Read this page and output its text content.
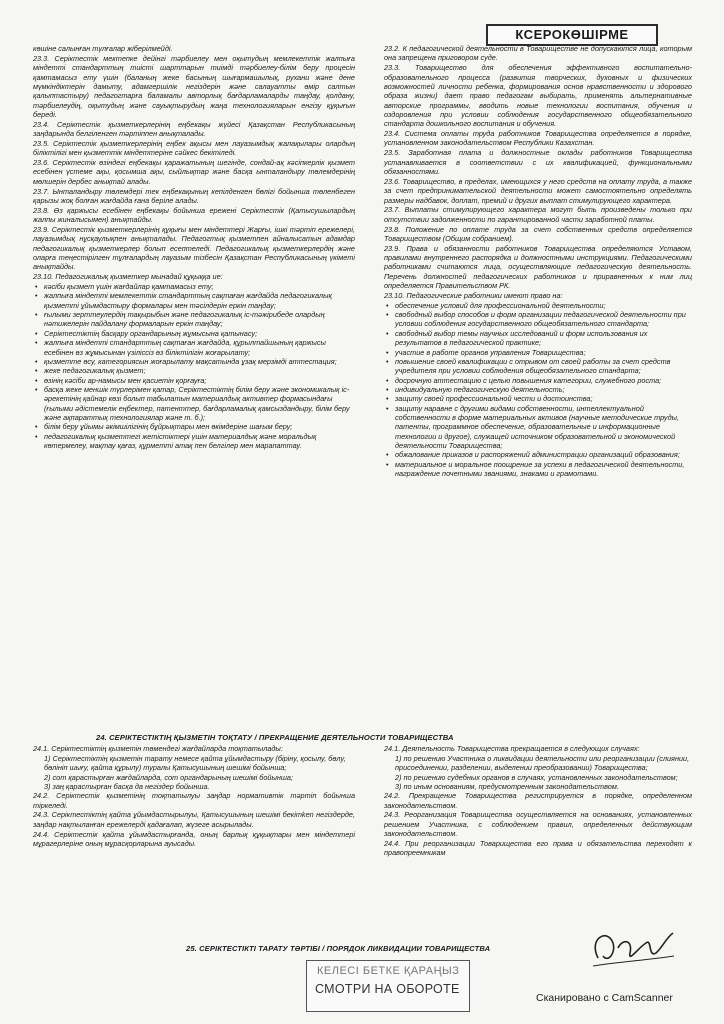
КСЕРОКӨШІРМЕ

көшіне салынған түлғалар жіберілмейді.

23.3. Серіктестік мектепке дейінгі тәрбиелеу мен оқытудың мемлекеттік жалпыға міндетті стандарттың тиісті шарттарын тиімді тәрбиелеу-білім беру процесін қамтамасыз ету үшін (баланың жеке басының шығармашылық, рухани және дене мүмкіндіктерін дамыту, адамгершілік негіздерін және салауатты өмір салтын қалыптастыру) педагогтарға баламалы авторлық бағдарламаларды таңдау, қолдану, тәрбиелеудің, оқытудың және сауықтырудың жаңа технологияларын енгізу құқығын береді.

23.4. Серіктестік қызметкерлерінің еңбекақы жүйесі Қазақстан Республикасының заңдарында белгіленген тәртіппен анықталады.

23.5. Серіктестік қызметкерлерінің еңбек ақысы мен лауазымдық жалақылары олардың біліктілігі мен қызметтік міндеттеріне сәйкес бекітіледі.

23.6. Серіктестік өзіндегі еңбекақы қаражатының шегінде, сондай-ақ кәсіпкерлік қызмет есебінен үстеме ақы, қосымша ақы, сыйлықтар және басқа ынталандыру төлемдерінің мөлшерін дербес анықтай алады.

23.7. Ынталандыру төлемдері тек еңбекақының кепілденген бөлігі бойынша төленбеген қарызы жоқ болған жағдайда ғана беріле алады.

23.8. Өз қаржысы есебінен еңбекақы бойынша ережені Серіктестік (Қатысушылардың жалпы жиналысымен) анықтайды.

23.9. Серіктестік қызметкерлерінің құқығы мен міндеттері Жарғы, ішкі тәртіп ережелері, лауазымдық нұсқаулықпен анықталады. Педагогтық қызметпен айналысатын адамдар педагогикалық қызметкерлер болып есептеледі. Педагогикалық қызметкерлердің және оларға теңестірілген тұлғалардың лауазым тізбесін Қазақстан Республикасының үкіметі анықтайды.

23.10. Педагогикалық қызметкер мынадай құқыққа ие:

• кәсіби қызмет үшін жағдайлар қамтамасыз ету;
• жалпыға міндетті мемлекеттік стандарттың сақтаған жағдайда педагогикалық қызметті ұйымдастыру формалары мен тәсілдерін еркін таңдау;
• ғылыми зерттеулердің тақырыбын және педагогикалық іс-тәжірибеде олардың нәтижелерін пайдалану формаларын еркін таңдау;
• Серіктестіктің басқару органдарының жұмысына қатынасу;
• жалпыға міндетті стандарттың сақтаған жағдайда, құрылтайшының қаржысы есебінен өз жұмысынан үзіліссіз өз біліктілігін жоғарылату;
• қызметте өсу, категориясын жоғарылату мақсатында ұзақ мерзімді аттестация;
• жеке педагогикалық қызмет;
• өзінің кәсіби ар-намысы мен қасиетін қорғауға;
• басқа жеке меншік түрлерімен қатар, Серіктестіктің білім беру және экономикалық іс-әрекетінің қайнар көзі болып табылатын материалдық активтер формасындағы (ғылыми әдістемелік еңбектер, патенттер, бағдарламалық қамсыздандыру, білім беру және ақпараттық технологиялар және т. б.);
• білім беру ұйымы әкімшілігінің бұйрықтары мен өкімдеріне шағым беру;
• педагогикалық қызметтегі жетістіктері үшін материалдық және моральдық көтермелеу, мақтау қағаз, құрметті атақ пен белгілер мен марапаттау.

23.2. К педагогической деятельности в Товариществе не допускаются лица, которым она запрещена приговором суде.

23.3. Товарищество для обеспечения эффективного воспитательно-образовательного процесса (развития творческих, духовных и физических возможностей личности ребенка, формирования основ нравственности и здорового образа жизни) дает право педагогам выбирать, применять альтернативные авторские программы, вводить новые технологии воспитания, обучения и оздоровления при условии соблюдения государственного общеобязательного стандарта дошкольного воспитания и обучения.

23.4. Система оплаты труда работников Товарищества определяется в порядке, установленном законодательством Республики Казахстан.

23.5. Заработная плата и должностные оклады работников Товарищества устанавливается в соответствии с их квалификацией, функциональными обязанностями.

23.6. Товарищество, в пределах, имеющихся у него средств на оплату труда, а также за счет предпринимательской деятельности может самостоятельно определять размеры надбавок, доплат, премий и других выплат стимулирующего характера.

23.7. Выплаты стимулирующего характера могут быть произведены только при отсутствии задолженности по гарантированной части заработной платы.

23.8. Положение по оплате труда за счет собственных средств определяется Товариществом (Общим собранием).

23.9. Права и обязанности работников Товарищества определяются Уставом, правилами внутреннего распорядка и должностными инструкциями. Педагогическими работниками считаются лица, осуществляющие педагогическую деятельность. Перечень должностей педагогических работников и приравненных к ним лиц определяется Правительством РК.

23.10. Педагогические работники имеют право на:

• обеспечение условий для профессиональной деятельности;
• свободный выбор способов и форм организации педагогической деятельности при условии соблюдения государственного общеобязательного стандарта;
• свободный выбор темы научных исследований и форм использования их результатов в педагогической практике;
• участие в работе органов управления Товарищества;
• повышение своей квалификации с отрывом от своей работы за счет средств учредителя при условии соблюдения общеобязательного стандарта;
• досрочную аттестацию с целью повышения категории, служебного роста;
• индивидуальную педагогическую деятельность;
• защиту своей профессиональной чести и достоинства;
• защиту наравне с другими видами собственности, интеллектуальной собственности в форме материальных активов (научные методические труды, патенты, программное обеспечение, образовательные и информационные технологии и другое), служащей источником образовательной и экономической деятельности Товарищества;
• обжалование приказов и распоряжений администрации организаций образования;
• материальное и моральное поощрение за успехи в педагогической деятельности, награждение почетными званиями, знаками и грамотами.
24. СЕРІКТЕСТІКТІҢ ҚЫЗМЕТІН ТОҚТАТУ / ПРЕКРАЩЕНИЕ ДЕЯТЕЛЬНОСТИ ТОВАРИЩЕСТВА

24.1. Серіктестіктің қызметін төмендегі жағдайларда тоқтатылады:

1) Серіктестіктің қызметін тарату немесе қайта ұйымдастыру (біріну, қосылу, бөлу, бөлініп шығу, қайта құрылу) туралы Қатысушының шешімі бойынша;
2) сот қарастырған жағдайларда, сот органдарының шешімі бойынша;
3) заң қарастырған басқа да негіздер бойынша.

24.2. Серіктестік қызметінің тоқтатылуы заңдар нормативтік тәртіп бойынша тіркеледі.

24.3. Серіктестіктің қайта ұйымдастырылуы, Қатысушының шешімі бекітken негіздерде, заңдар нақтыланған ережелерді қадағалап, жүзеге асырылады.

24.4. Серіктестік қайта ұйымдастырғанда, оның барлық құқықтары мен міндеттері мұрагерлеріне оның мұрасқорларына ауысады.

24.1. Деятельность Товарищества прекращается в следующих случаях:

1) по решению Участника о ликвидации деятельности или реорганизации (слиянии, присоединении, разделении, выделении преобразовании) Товарищества;
2) по решению судебных органов в случаях, установленных законодательством;
3) по иным основаниям, предусмотренным законодательством.

24.2. Прекращение Товарищества регистрируется в порядке, определенном законодательством.

24.3. Реорганизация Товарищества осуществляется на основаниях, установленных решением Участника, с соблюдением правил, определенных действующим законодательством.

24.4. При реорганизации Товарищества его права и обязательства переходят к правопреемникам

25. СЕРІКТЕСТІКТІ ТАРАТУ ТӘРТІБІ / ПОРЯДОК ЛИКВИДАЦИИ ТОВАРИЩЕСТВА
КЕЛЕСІ БЕТКЕ ҚАРАҢЫЗ
СМОТРИ НА ОБОРОТЕ
Сканировано с CamScanner
